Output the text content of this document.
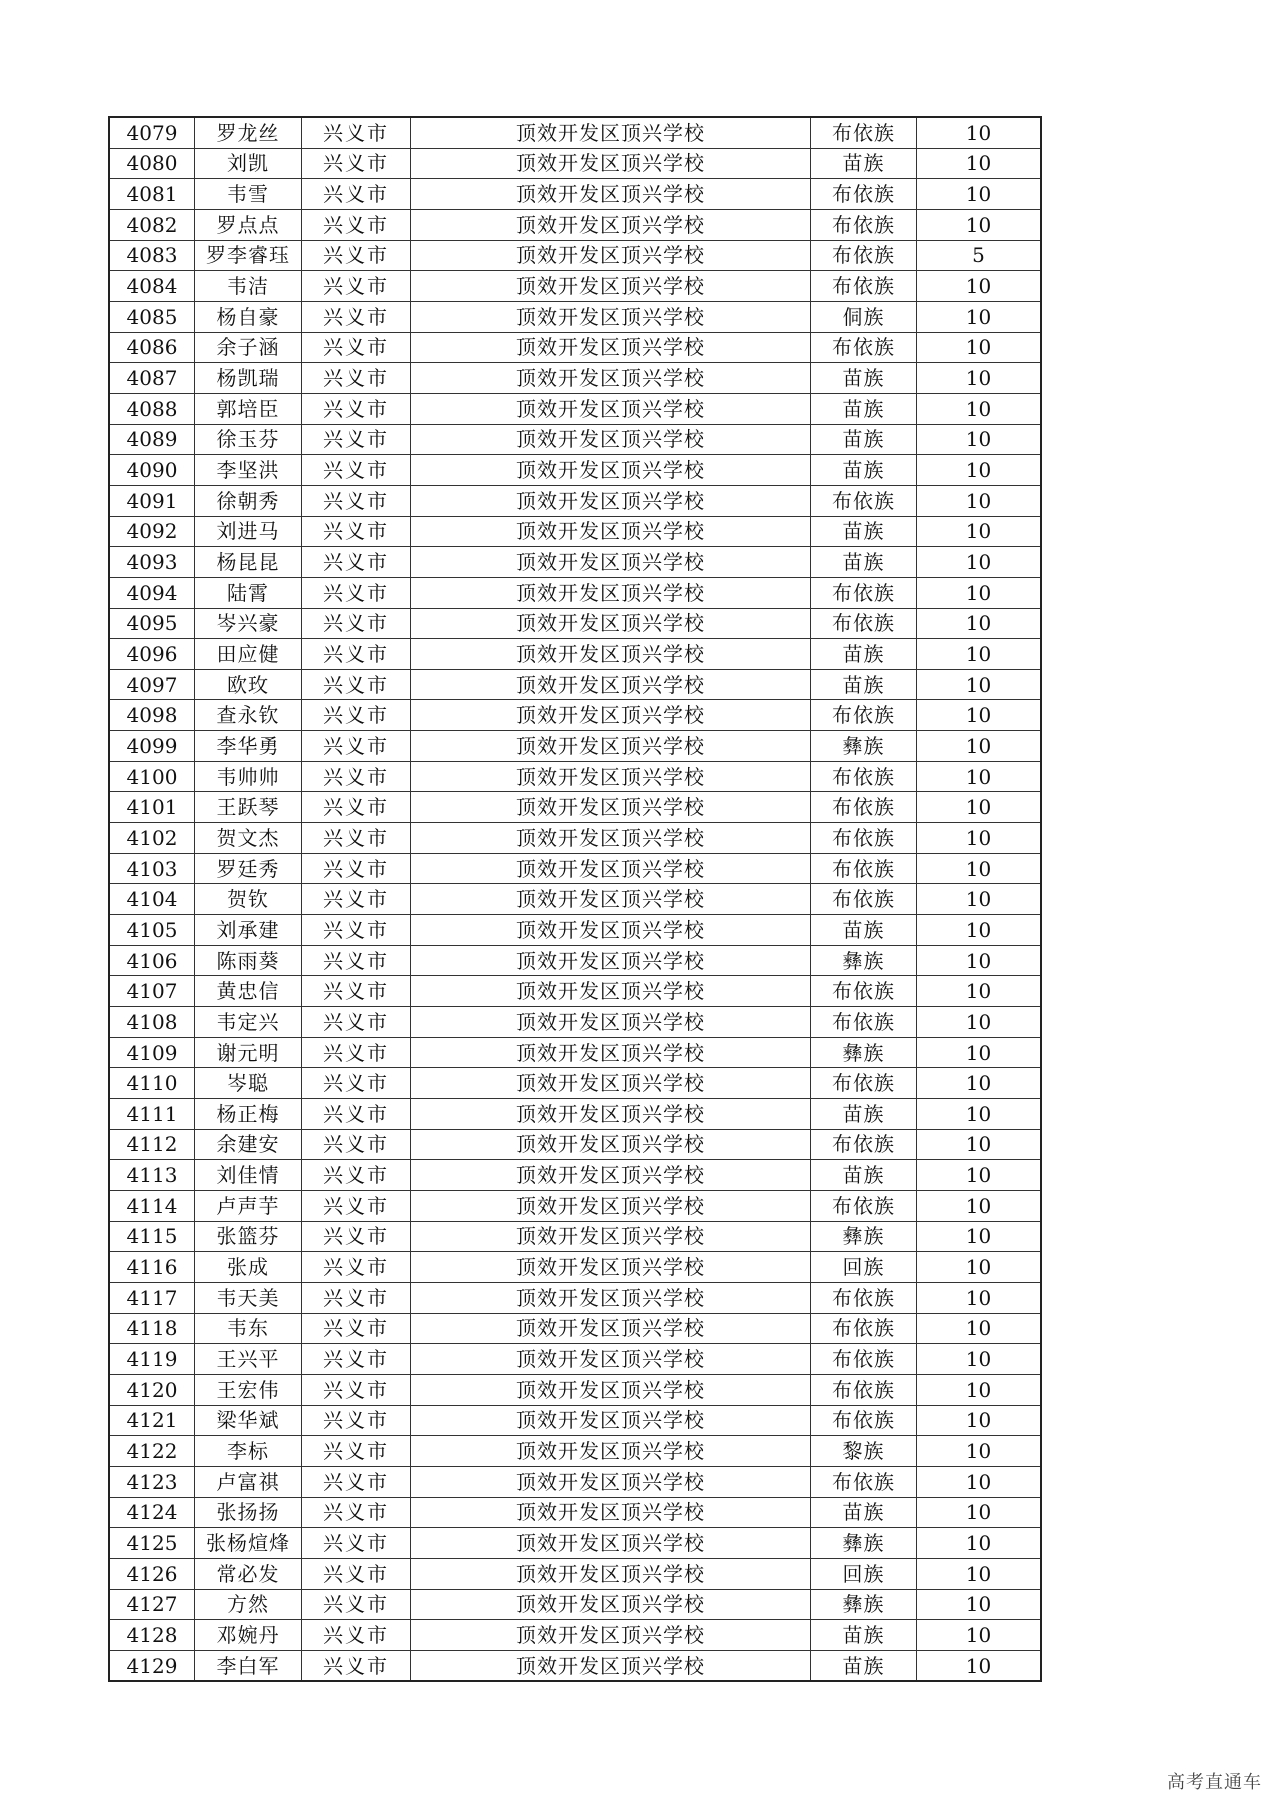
4079	罗龙丝	兴义市	顶效开发区顶兴学校	布依族	10
4080	刘凯	兴义市	顶效开发区顶兴学校	苗族	10
4081	韦雪	兴义市	顶效开发区顶兴学校	布依族	10
4082	罗点点	兴义市	顶效开发区顶兴学校	布依族	10
4083	罗李睿珏	兴义市	顶效开发区顶兴学校	布依族	5
4084	韦洁	兴义市	顶效开发区顶兴学校	布依族	10
4085	杨自豪	兴义市	顶效开发区顶兴学校	侗族	10
4086	余子涵	兴义市	顶效开发区顶兴学校	布依族	10
4087	杨凯瑞	兴义市	顶效开发区顶兴学校	苗族	10
4088	郭培臣	兴义市	顶效开发区顶兴学校	苗族	10
4089	徐玉芬	兴义市	顶效开发区顶兴学校	苗族	10
4090	李坚洪	兴义市	顶效开发区顶兴学校	苗族	10
4091	徐朝秀	兴义市	顶效开发区顶兴学校	布依族	10
4092	刘进马	兴义市	顶效开发区顶兴学校	苗族	10
4093	杨昆昆	兴义市	顶效开发区顶兴学校	苗族	10
4094	陆霄	兴义市	顶效开发区顶兴学校	布依族	10
4095	岑兴豪	兴义市	顶效开发区顶兴学校	布依族	10
4096	田应健	兴义市	顶效开发区顶兴学校	苗族	10
4097	欧玫	兴义市	顶效开发区顶兴学校	苗族	10
4098	查永钦	兴义市	顶效开发区顶兴学校	布依族	10
4099	李华勇	兴义市	顶效开发区顶兴学校	彝族	10
4100	韦帅帅	兴义市	顶效开发区顶兴学校	布依族	10
4101	王跃琴	兴义市	顶效开发区顶兴学校	布依族	10
4102	贺文杰	兴义市	顶效开发区顶兴学校	布依族	10
4103	罗廷秀	兴义市	顶效开发区顶兴学校	布依族	10
4104	贺钦	兴义市	顶效开发区顶兴学校	布依族	10
4105	刘承建	兴义市	顶效开发区顶兴学校	苗族	10
4106	陈雨葵	兴义市	顶效开发区顶兴学校	彝族	10
4107	黄忠信	兴义市	顶效开发区顶兴学校	布依族	10
4108	韦定兴	兴义市	顶效开发区顶兴学校	布依族	10
4109	谢元明	兴义市	顶效开发区顶兴学校	彝族	10
4110	岑聪	兴义市	顶效开发区顶兴学校	布依族	10
4111	杨正梅	兴义市	顶效开发区顶兴学校	苗族	10
4112	余建安	兴义市	顶效开发区顶兴学校	布依族	10
4113	刘佳情	兴义市	顶效开发区顶兴学校	苗族	10
4114	卢声芋	兴义市	顶效开发区顶兴学校	布依族	10
4115	张篮芬	兴义市	顶效开发区顶兴学校	彝族	10
4116	张成	兴义市	顶效开发区顶兴学校	回族	10
4117	韦天美	兴义市	顶效开发区顶兴学校	布依族	10
4118	韦东	兴义市	顶效开发区顶兴学校	布依族	10
4119	王兴平	兴义市	顶效开发区顶兴学校	布依族	10
4120	王宏伟	兴义市	顶效开发区顶兴学校	布依族	10
4121	梁华斌	兴义市	顶效开发区顶兴学校	布依族	10
4122	李标	兴义市	顶效开发区顶兴学校	黎族	10
4123	卢富祺	兴义市	顶效开发区顶兴学校	布依族	10
4124	张扬扬	兴义市	顶效开发区顶兴学校	苗族	10
4125	张杨煊烽	兴义市	顶效开发区顶兴学校	彝族	10
4126	常必发	兴义市	顶效开发区顶兴学校	回族	10
4127	方然	兴义市	顶效开发区顶兴学校	彝族	10
4128	邓婉丹	兴义市	顶效开发区顶兴学校	苗族	10
4129	李白军	兴义市	顶效开发区顶兴学校	苗族	10
高考直通车
